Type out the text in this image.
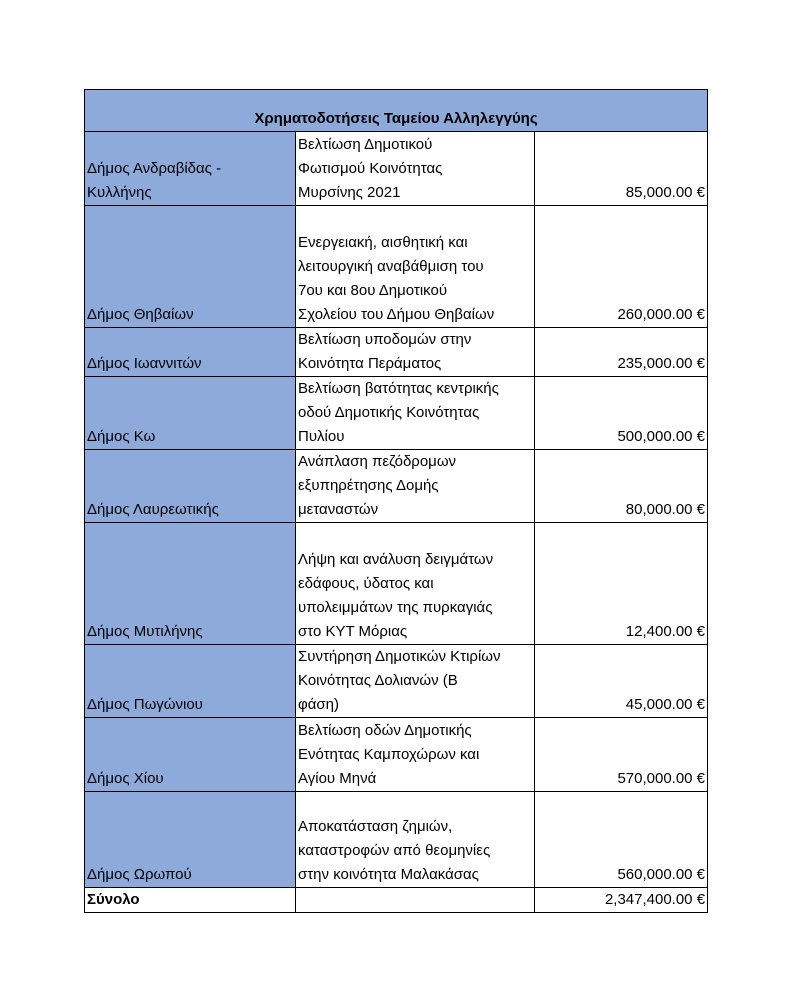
Χρηματοδοτήσεις Ταμείου Αλληλεγγύης		

Δήμος Ανδραβίδας -
Κυλλήνης	Βελτίωση Δημοτικού
Φωτισμού Κοινότητας
Μυρσίνης 2021	85,000.00 €

Δήμος Θηβαίων	Ενεργειακή, αισθητική και
λειτουργική αναβάθμιση του
7ου και 8ου Δημοτικού
Σχολείου του Δήμου Θηβαίων	260,000.00 €

Δήμος Ιωαννιτών	Βελτίωση υποδομών στην
Κοινότητα Περάματος	235,000.00 €

Δήμος Κω	Βελτίωση βατότητας κεντρικής
οδού Δημοτικής Κοινότητας
Πυλίου	500,000.00 €

Δήμος Λαυρεωτικής	Ανάπλαση πεζόδρομων
εξυπηρέτησης Δομής
μεταναστών	80,000.00 €

Δήμος Μυτιλήνης	Λήψη και ανάλυση δειγμάτων
εδάφους, ύδατος και
υπολειμμάτων της πυρκαγιάς
στο ΚΥΤ Μόριας	12,400.00 €

Δήμος Πωγώνιου	Συντήρηση Δημοτικών Κτιρίων
Κοινότητας Δολιανών (Β
φάση)	45,000.00 €

Δήμος Χίου	Βελτίωση οδών Δημοτικής
Ενότητας Καμποχώρων και
Αγίου Μηνά	570,000.00 €

Δήμος Ωρωπού	Αποκατάσταση ζημιών,
καταστροφών από θεομηνίες
στην κοινότητα Μαλακάσας	560,000.00 €
Σύνολο		2,347,400.00 €
